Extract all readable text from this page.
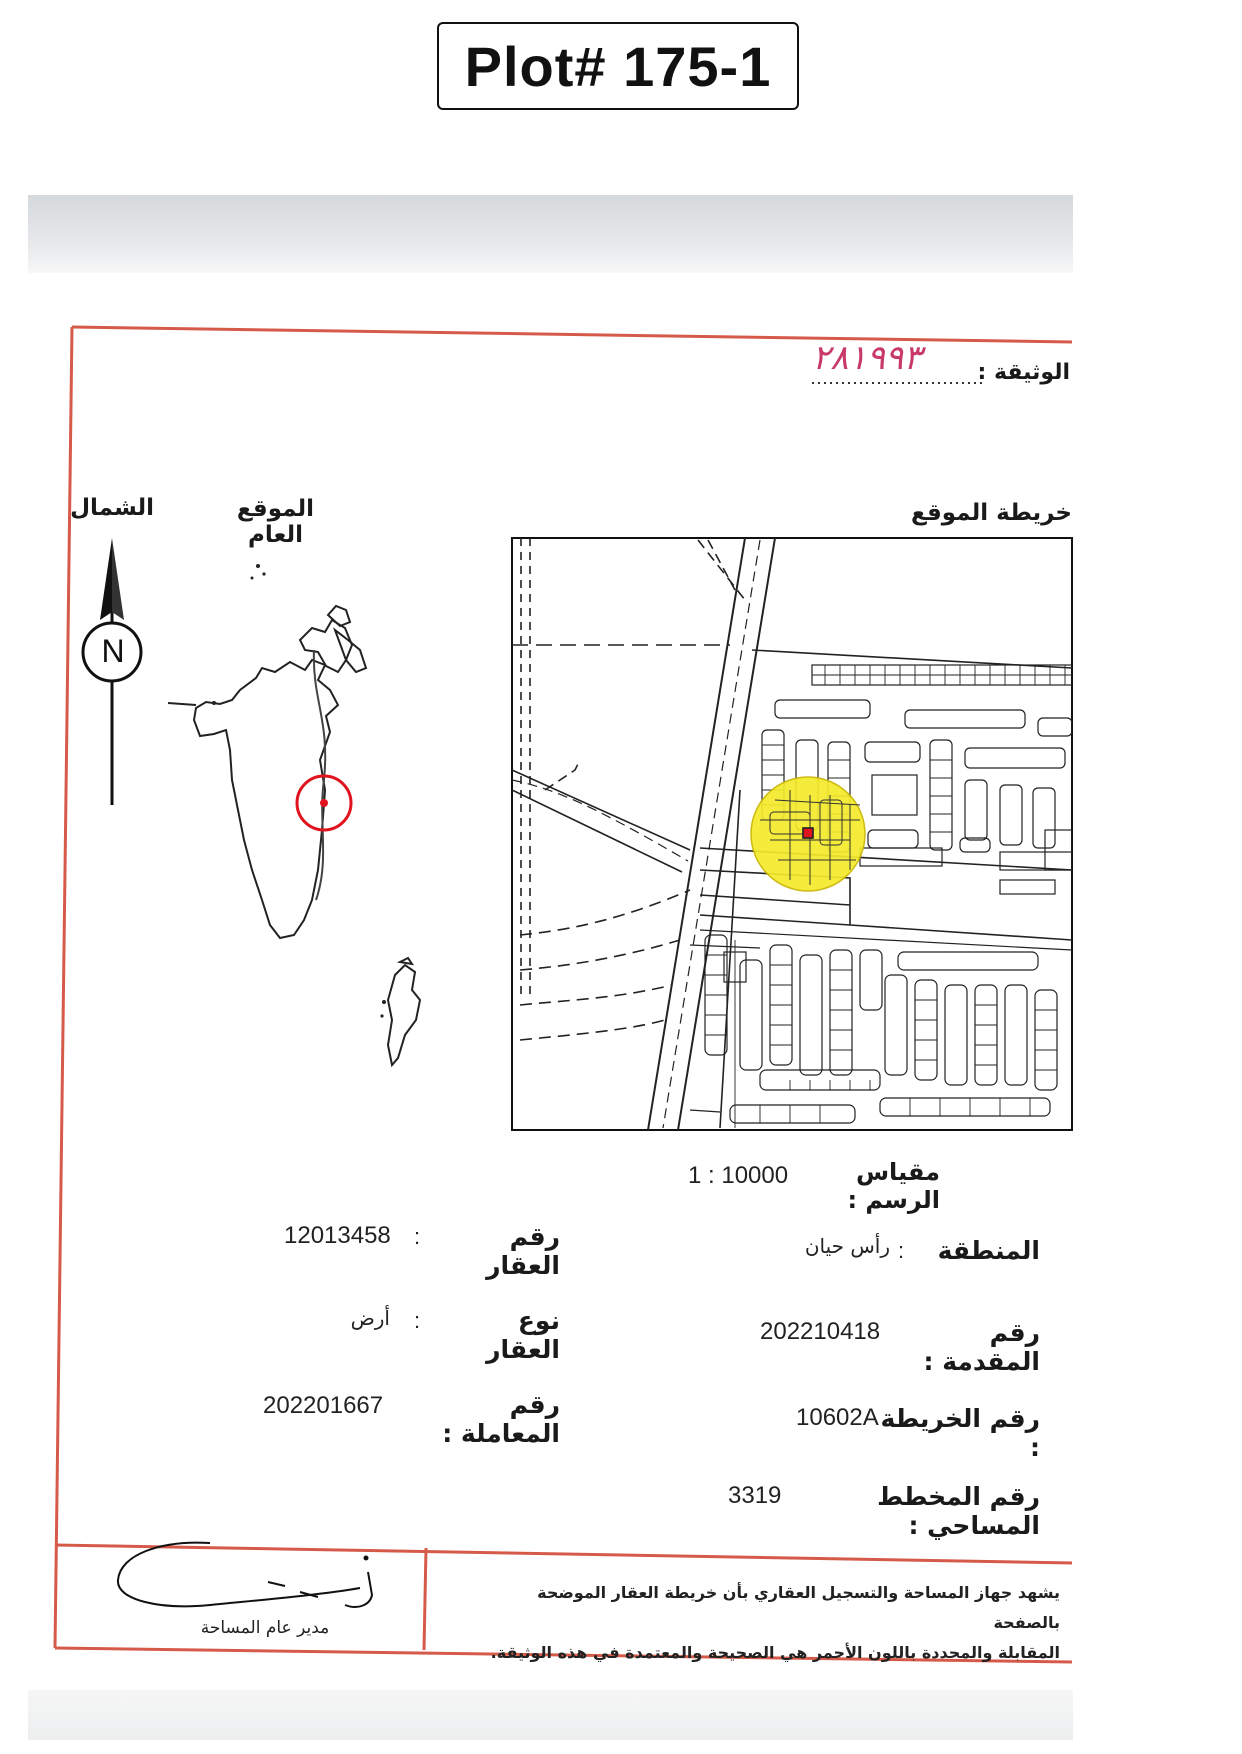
Plot# 175-1
٢٨١٩٩٣	الوثيقة :
خريطة الموقع
الموقع العام
الشمال
N
1 : 10000	مقياس الرسم :
المنطقة
:
رأس حيان
رقم المقدمة :
202210418
رقم الخريطة :
10602A
رقم المخطط المساحي :
3319
رقم العقار
:
12013458
نوع العقار
:
أرض
رقم المعاملة :
202201667
يشهد جهاز المساحة والتسجيل العقاري بأن خريطة العقار الموضحة بالصفحة
المقابلة والمحددة باللون الأحمر هي الصحيحة والمعتمدة في هذه الوثيقة.
مدير عام المساحة
